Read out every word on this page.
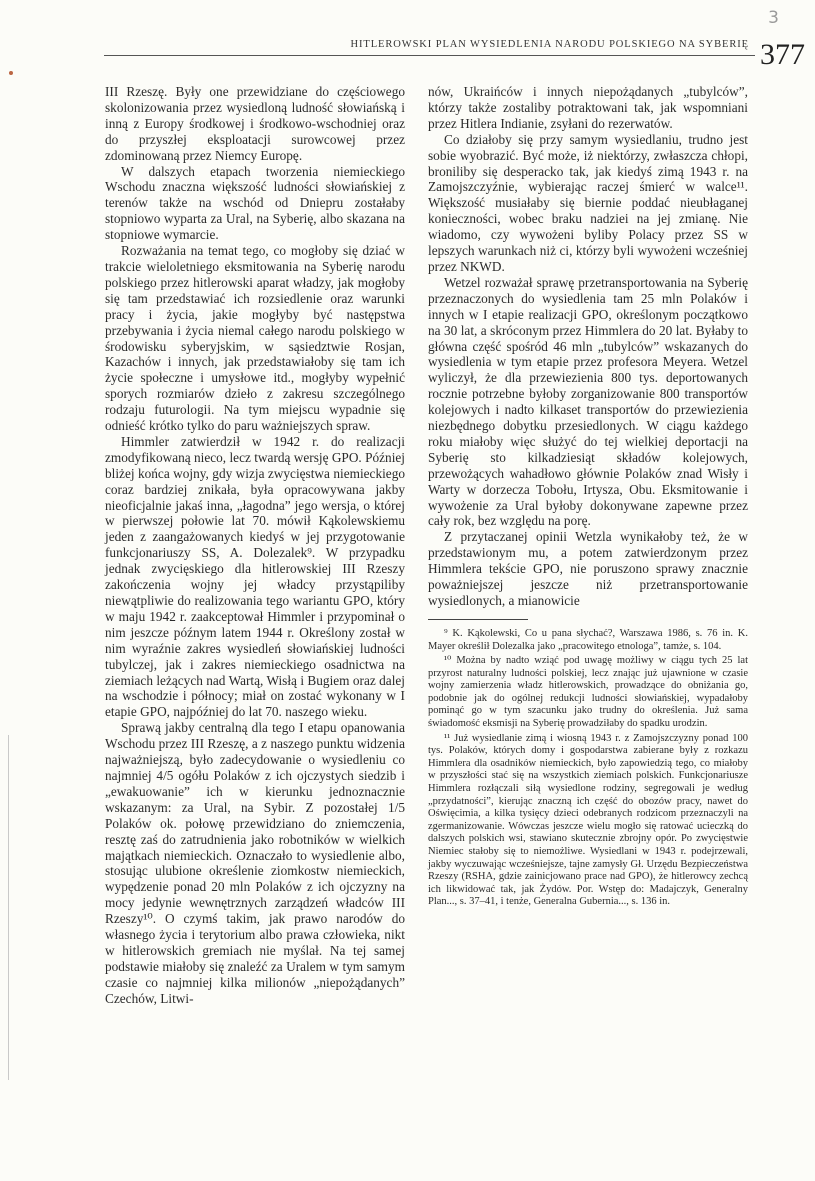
3
HITLEROWSKI PLAN WYSIEDLENIA NARODU POLSKIEGO NA SYBERIĘ 377

III Rzeszę. Były one przewidziane do częściowego skolonizowania przez wysiedloną ludność słowiańską i inną z Europy środkowej i środkowo-wschodniej oraz do przyszłej eksploatacji surowcowej przez zdominowaną przez Niemcy Europę.

W dalszych etapach tworzenia niemieckiego Wschodu znaczna większość ludności słowiańskiej z terenów także na wschód od Dniepru zostałaby stopniowo wyparta za Ural, na Syberię, albo skazana na stopniowe wymarcie.

Rozważania na temat tego, co mogłoby się dziać w trakcie wieloletniego eksmitowania na Syberię narodu polskiego przez hitlerowski aparat władzy, jak mogłoby się tam przedstawiać ich rozsiedlenie oraz warunki pracy i życia, jakie mogłyby być następstwa przebywania i życia niemal całego narodu polskiego w środowisku syberyjskim, w sąsiedztwie Rosjan, Kazachów i innych, jak przedstawiałoby się tam ich życie społeczne i umysłowe itd., mogłyby wypełnić sporych rozmiarów dzieło z zakresu szczególnego rodzaju futurologii. Na tym miejscu wypadnie się odnieść krótko tylko do paru ważniejszych spraw.

Himmler zatwierdził w 1942 r. do realizacji zmodyfikowaną nieco, lecz twardą wersję GPO. Później bliżej końca wojny, gdy wizja zwycięstwa niemieckiego coraz bardziej znikała, była opracowywana jakby nieoficjalnie jakaś inna, „łagodna” jego wersja, o której w pierwszej połowie lat 70. mówił Kąkolewskiemu jeden z zaangażowanych kiedyś w jej przygotowanie funkcjonariuszy SS, A. Dolezalek⁹. W przypadku jednak zwycięskiego dla hitlerowskiej III Rzeszy zakończenia wojny jej władcy przystąpiliby niewątpliwie do realizowania tego wariantu GPO, który w maju 1942 r. zaakceptował Himmler i przypominał o nim jeszcze późnym latem 1944 r. Określony został w nim wyraźnie zakres wysiedleń słowiańskiej ludności tubylczej, jak i zakres niemieckiego osadnictwa na ziemiach leżących nad Wartą, Wisłą i Bugiem oraz dalej na wschodzie i północy; miał on zostać wykonany w I etapie GPO, najpóźniej do lat 70. naszego wieku.

Sprawą jakby centralną dla tego I etapu opanowania Wschodu przez III Rzeszę, a z naszego punktu widzenia najważniejszą, było zadecydowanie o wysiedleniu co najmniej 4/5 ogółu Polaków z ich ojczystych siedzib i „ewakuowanie” ich w kierunku jednoznacznie wskazanym: za Ural, na Sybir. Z pozostałej 1/5 Polaków ok. połowę przewidziano do zniemczenia, resztę zaś do zatrudnienia jako robotników w wielkich majątkach niemieckich. Oznaczało to wysiedlenie albo, stosując ulubione określenie ziomkostw niemieckich, wypędzenie ponad 20 mln Polaków z ich ojczyzny na mocy jedynie wewnętrznych zarządzeń władców III Rzeszy¹⁰. O czymś takim, jak prawo narodów do własnego życia i terytorium albo prawa człowieka, nikt w hitlerowskich gremiach nie myślał. Na tej samej podstawie miałoby się znaleźć za Uralem w tym samym czasie co najmniej kilka milionów „niepożądanych” Czechów, Litwi-

nów, Ukraińców i innych niepożądanych „tubylców”, którzy także zostaliby potraktowani tak, jak wspomniani przez Hitlera Indianie, zsyłani do rezerwatów.

Co działoby się przy samym wysiedlaniu, trudno jest sobie wyobrazić. Być może, iż niektórzy, zwłaszcza chłopi, broniliby się desperacko tak, jak kiedyś zimą 1943 r. na Zamojszczyźnie, wybierając raczej śmierć w walce¹¹. Większość musiałaby się biernie poddać nieubłaganej konieczności, wobec braku nadziei na jej zmianę. Nie wiadomo, czy wywożeni byliby Polacy przez SS w lepszych warunkach niż ci, którzy byli wywożeni wcześniej przez NKWD.

Wetzel rozważał sprawę przetransportowania na Syberię przeznaczonych do wysiedlenia tam 25 mln Polaków i innych w I etapie realizacji GPO, określonym początkowo na 30 lat, a skróconym przez Himmlera do 20 lat. Byłaby to główna część spośród 46 mln „tubylców” wskazanych do wysiedlenia w tym etapie przez profesora Meyera. Wetzel wyliczył, że dla przewiezienia 800 tys. deportowanych rocznie potrzebne byłoby zorganizowanie 800 transportów kolejowych i nadto kilkaset transportów do przewiezienia niezbędnego dobytku przesiedlonych. W ciągu każdego roku miałoby więc służyć do tej wielkiej deportacji na Syberię sto kilkadziesiąt składów kolejowych, przewożących wahadłowo głównie Polaków znad Wisły i Warty w dorzecza Tobołu, Irtysza, Obu. Eksmitowanie i wywożenie za Ural byłoby dokonywane zapewne przez cały rok, bez względu na porę.

Z przytaczanej opinii Wetzla wynikałoby też, że w przedstawionym mu, a potem zatwierdzonym przez Himmlera tekście GPO, nie poruszono sprawy znacznie poważniejszej jeszcze niż przetransportowanie wysiedlonych, a mianowicie

⁹ K. Kąkolewski, Co u pana słychać?, Warszawa 1986, s. 76 in. K. Mayer określił Dolezalka jako „pracowitego etnologa”, tamże, s. 104.

¹⁰ Można by nadto wziąć pod uwagę możliwy w ciągu tych 25 lat przyrost naturalny ludności polskiej, lecz znając już ujawnione w czasie wojny zamierzenia władz hitlerowskich, prowadzące do obniżania go, podobnie jak do ogólnej redukcji ludności słowiańskiej, wypadałoby pominąć go w tym szacunku jako trudny do określenia. Już sama świadomość eksmisji na Syberię prowadziłaby do spadku urodzin.

¹¹ Już wysiedlanie zimą i wiosną 1943 r. z Zamojszczyzny ponad 100 tys. Polaków, których domy i gospodarstwa zabierane były z rozkazu Himmlera dla osadników niemieckich, było zapowiedzią tego, co miałoby w przyszłości stać się na wszystkich ziemiach polskich. Funkcjonariusze Himmlera rozłączali siłą wysiedlone rodziny, segregowali je według „przydatności”, kierując znaczną ich część do obozów pracy, nawet do Oświęcimia, a kilka tysięcy dzieci odebranych rodzicom przeznaczyli na zgermanizowanie. Wówczas jeszcze wielu mogło się ratować ucieczką do dalszych polskich wsi, stawiano skutecznie zbrojny opór. Po zwycięstwie Niemiec stałoby się to niemożliwe. Wysiedlani w 1943 r. podejrzewali, jakby wyczuwając wcześniejsze, tajne zamysły Gł. Urzędu Bezpieczeństwa Rzeszy (RSHA, gdzie zainicjowano prace nad GPO), że hitlerowcy zechcą ich likwidować tak, jak Żydów. Por. Wstęp do: Madajczyk, Generalny Plan..., s. 37–41, i tenże, Generalna Gubernia..., s. 136 in.
